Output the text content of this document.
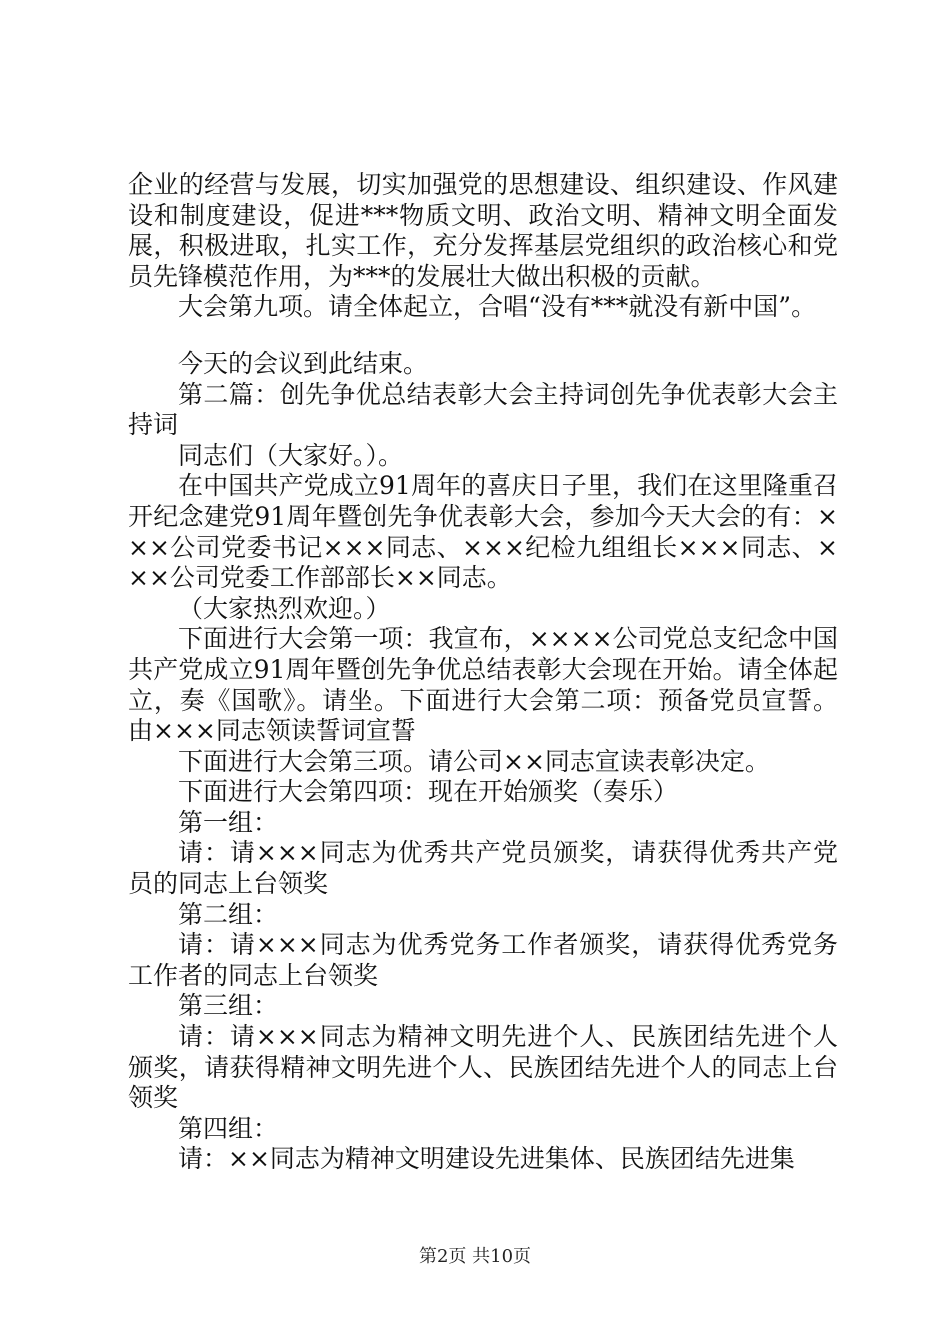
企业的经营与发展，切实加强党的思想建设、组织建设、作风建设和制度建设，促进***物质文明、政治文明、精神文明全面发展，积极进取，扎实工作，充分发挥基层党组织的政治核心和党员先锋模范作用，为***的发展壮大做出积极的贡献。

大会第九项。请全体起立，合唱“没有***就没有新中国”。

今天的会议到此结束。

第二篇：创先争优总结表彰大会主持词创先争优表彰大会主持词

同志们（大家好。）。

在中国共产党成立91周年的喜庆日子里，我们在这里隆重召开纪念建党91周年暨创先争优表彰大会，参加今天大会的有：×××公司党委书记×××同志、×××纪检九组组长×××同志、×××公司党委工作部部长××同志。

（大家热烈欢迎。）

下面进行大会第一项：我宣布，××××公司党总支纪念中国共产党成立91周年暨创先争优总结表彰大会现在开始。请全体起立，奏《国歌》。请坐。下面进行大会第二项：预备党员宣誓。由×××同志领读誓词宣誓

下面进行大会第三项。请公司××同志宣读表彰决定。

下面进行大会第四项：现在开始颁奖（奏乐）

第一组：

请：请×××同志为优秀共产党员颁奖，请获得优秀共产党员的同志上台领奖

第二组：

请：请×××同志为优秀党务工作者颁奖，请获得优秀党务工作者的同志上台领奖

第三组：

请：请×××同志为精神文明先进个人、民族团结先进个人颁奖，请获得精神文明先进个人、民族团结先进个人的同志上台领奖

第四组：

请：××同志为精神文明建设先进集体、民族团结先进集

第2页 共10页
